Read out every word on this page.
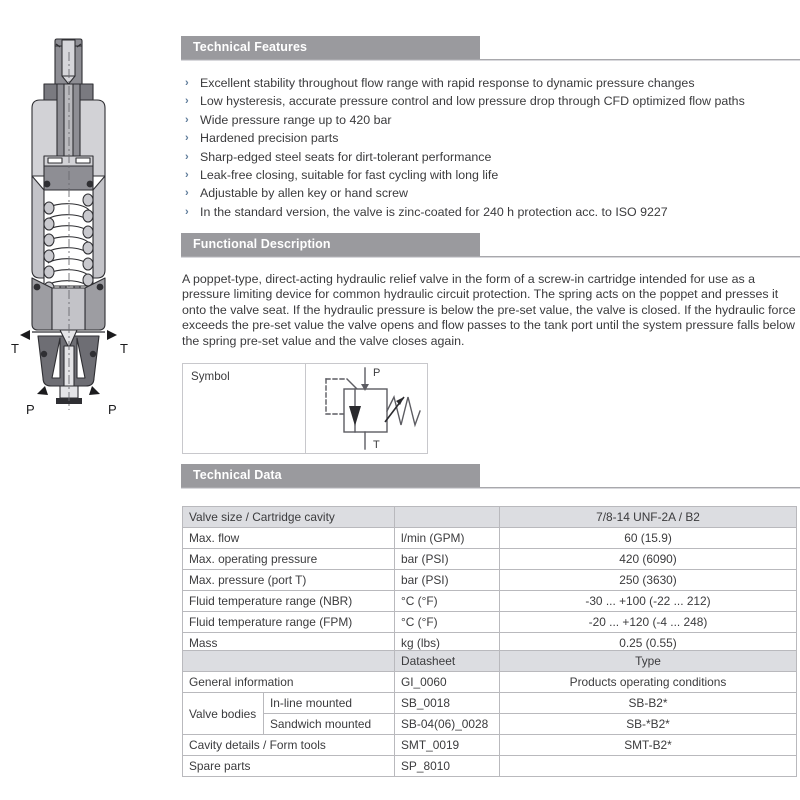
T	T
P	P
Technical Features
› Excellent stability throughout flow range with rapid response to dynamic pressure changes
› Low hysteresis, accurate pressure control and low pressure drop through CFD optimized flow paths
› Wide pressure range up to 420 bar
› Hardened precision parts
› Sharp-edged steel seats for dirt-tolerant performance
› Leak-free closing, suitable for fast cycling with long life
› Adjustable by allen key or hand screw
› In the standard version, the valve is zinc-coated for 240 h protection acc. to ISO 9227
Functional Description
A poppet-type, direct-acting hydraulic relief valve in the form of a screw-in cartridge intended for use as a pressure limiting device for common hydraulic circuit protection. The spring acts on the poppet and presses it onto the valve seat. If the hydraulic pressure is below the pre-set value, the valve is closed. If the hydraulic force exceeds the pre-set value the valve opens and flow passes to the tank port until the system pressure falls below the spring pre-set value and the valve closes again.
Symbol	P
T
Technical Data
Valve size / Cartridge cavity		7/8-14 UNF-2A / B2
Max. flow	l/min (GPM)	60 (15.9)
Max. operating pressure	bar (PSI)	420 (6090)
Max. pressure (port T)	bar (PSI)	250 (3630)
Fluid temperature range (NBR)	°C (°F)	-30 ... +100 (-22 ... 212)
Fluid temperature range (FPM)	°C (°F)	-20 ... +120 (-4 ... 248)
Mass	kg (lbs)	0.25 (0.55)
		Datasheet	Type
General information		GI_0060	Products operating conditions
Valve bodies	In-line mounted	SB_0018	SB-B2*
	Sandwich mounted	SB-04(06)_0028	SB-*B2*
Cavity details / Form tools		SMT_0019	SMT-B2*
Spare parts		SP_8010	
